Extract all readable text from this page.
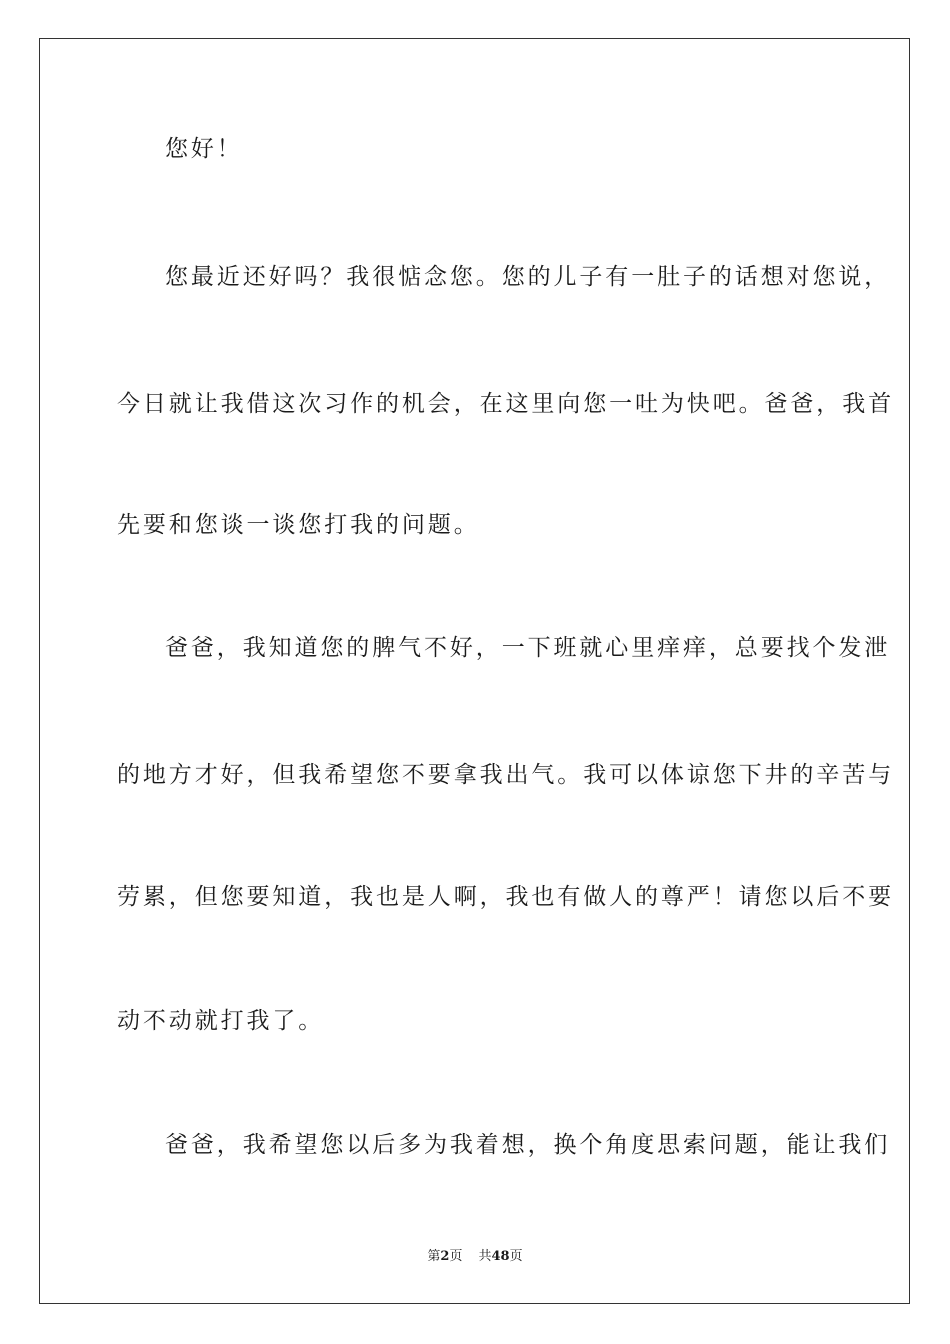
您好！
您最近还好吗？我很惦念您。您的儿子有一肚子的话想对您说，
今日就让我借这次习作的机会，在这里向您一吐为快吧。爸爸，我首
先要和您谈一谈您打我的问题。
爸爸，我知道您的脾气不好，一下班就心里痒痒，总要找个发泄
的地方才好，但我希望您不要拿我出气。我可以体谅您下井的辛苦与
劳累，但您要知道，我也是人啊，我也有做人的尊严！请您以后不要
动不动就打我了。
爸爸，我希望您以后多为我着想，换个角度思索问题，能让我们
第2页 共48页
